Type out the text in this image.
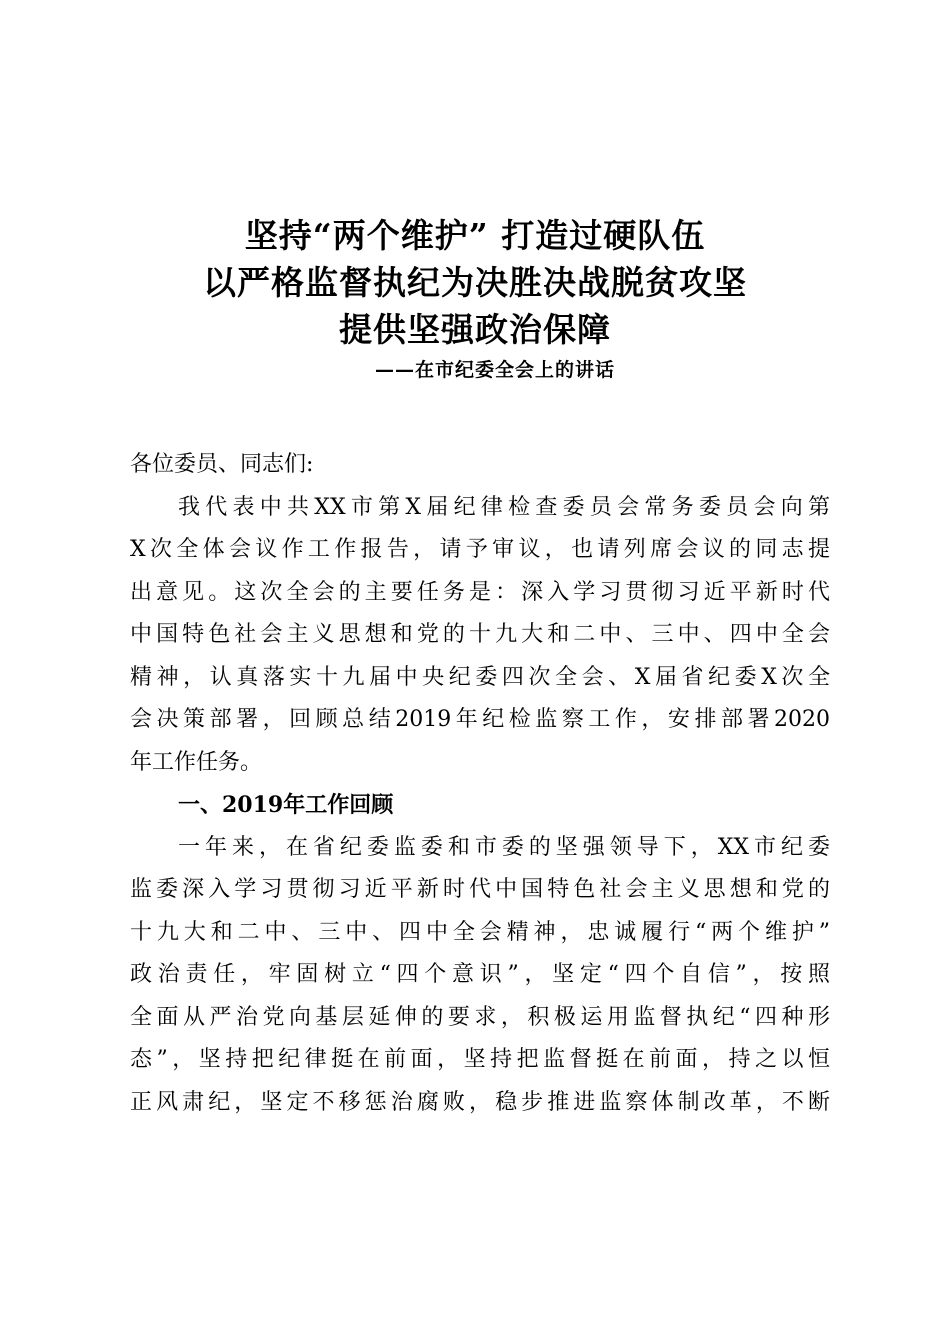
坚持“两个维护” 打造过硬队伍
以严格监督执纪为决胜决战脱贫攻坚
提供坚强政治保障
——在市纪委全会上的讲话
各位委员、同志们:
我代表中共XX市第X届纪律检查委员会常务委员会向第
X次全体会议作工作报告，请予审议，也请列席会议的同志提
出意见。这次全会的主要任务是：深入学习贯彻习近平新时代
中国特色社会主义思想和党的十九大和二中、三中、四中全会
精神，认真落实十九届中央纪委四次全会、X届省纪委X次全
会决策部署，回顾总结2019年纪检监察工作，安排部署2020
年工作任务。
一、2019年工作回顾
一年来，在省纪委监委和市委的坚强领导下，XX市纪委
监委深入学习贯彻习近平新时代中国特色社会主义思想和党的
十九大和二中、三中、四中全会精神，忠诚履行“两个维护”
政治责任，牢固树立“四个意识”，坚定“四个自信”，按照
全面从严治党向基层延伸的要求，积极运用监督执纪“四种形
态”，坚持把纪律挺在前面，坚持把监督挺在前面，持之以恒
正风肃纪，坚定不移惩治腐败，稳步推进监察体制改革，不断
